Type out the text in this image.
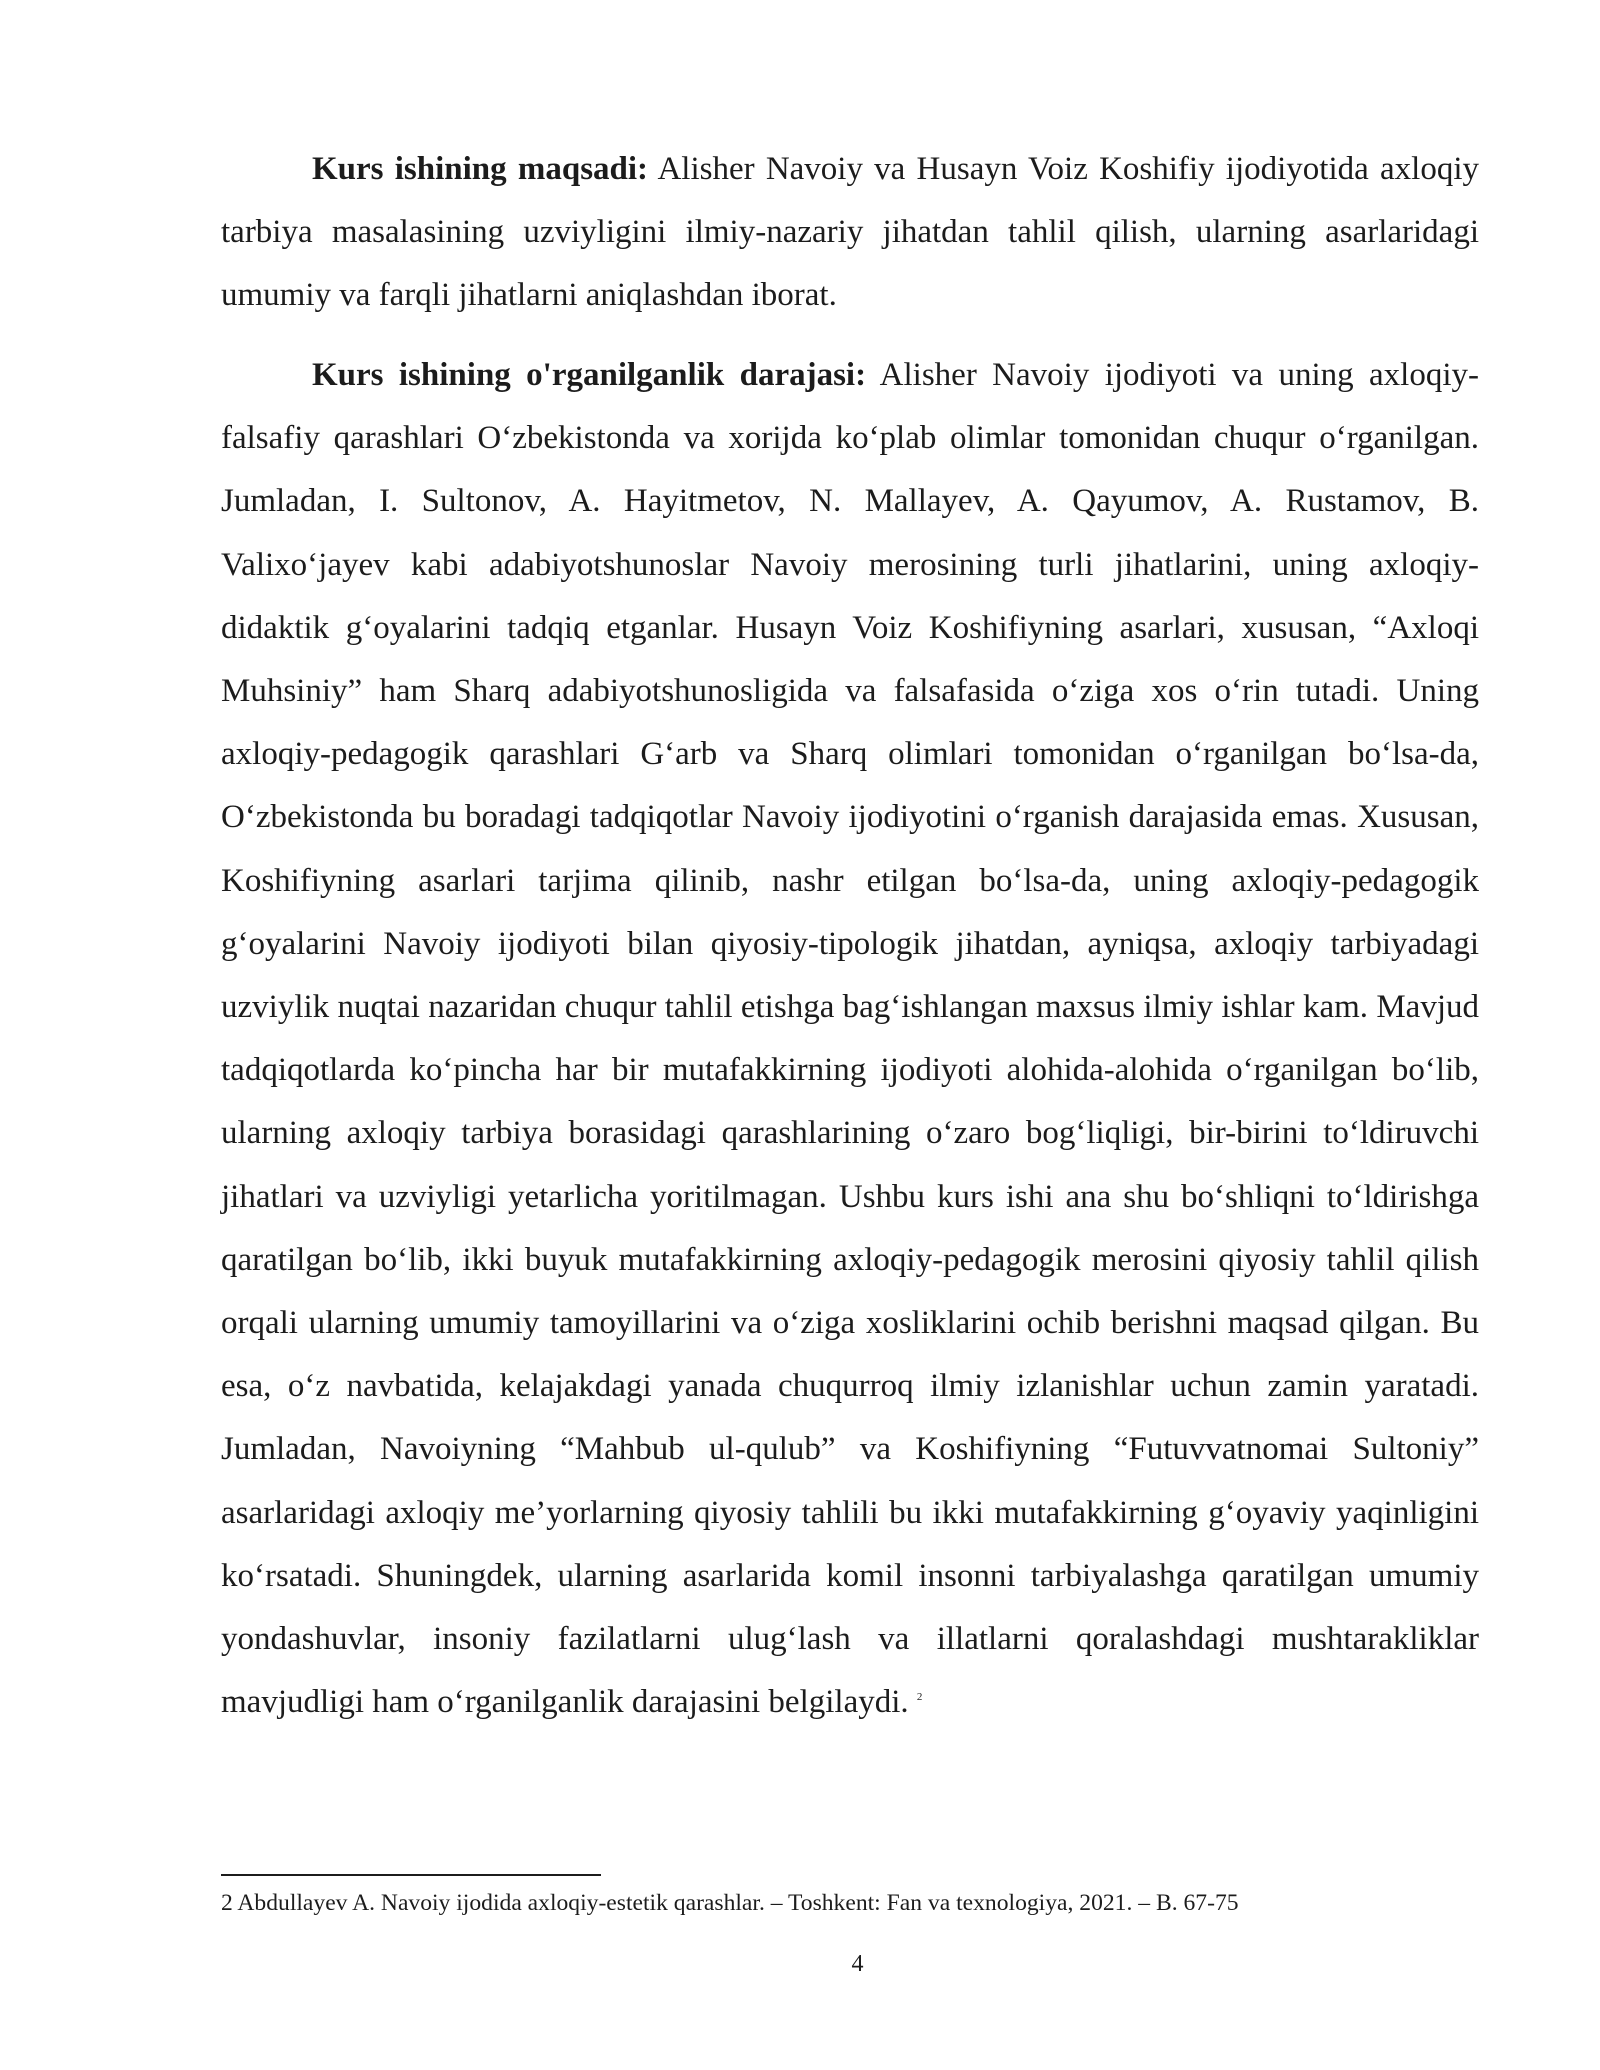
Kurs ishining maqsadi: Alisher Navoiy va Husayn Voiz Koshifiy ijodiyotida axloqiy tarbiya masalasining uzviyligini ilmiy-nazariy jihatdan tahlil qilish, ularning asarlaridagi umumiy va farqli jihatlarni aniqlashdan iborat.

Kurs ishining o'rganilganlik darajasi: Alisher Navoiy ijodiyoti va uning axloqiy-falsafiy qarashlari O‘zbekistonda va xorijda ko‘plab olimlar tomonidan chuqur o‘rganilgan. Jumladan, I. Sultonov, A. Hayitmetov, N. Mallayev, A. Qayumov, A. Rustamov, B. Valixo‘jayev kabi adabiyotshunoslar Navoiy merosining turli jihatlarini, uning axloqiy-didaktik g‘oyalarini tadqiq etganlar. Husayn Voiz Koshifiyning asarlari, xususan, “Axloqi Muhsiniy” ham Sharq adabiyotshunosligida va falsafasida o‘ziga xos o‘rin tutadi. Uning axloqiy-pedagogik qarashlari G‘arb va Sharq olimlari tomonidan o‘rganilgan bo‘lsa-da, O‘zbekistonda bu boradagi tadqiqotlar Navoiy ijodiyotini o‘rganish darajasida emas. Xususan, Koshifiyning asarlari tarjima qilinib, nashr etilgan bo‘lsa-da, uning axloqiy-pedagogik g‘oyalarini Navoiy ijodiyoti bilan qiyosiy-tipologik jihatdan, ayniqsa, axloqiy tarbiyadagi uzviylik nuqtai nazaridan chuqur tahlil etishga bag‘ishlangan maxsus ilmiy ishlar kam. Mavjud tadqiqotlarda ko‘pincha har bir mutafakkirning ijodiyoti alohida-alohida o‘rganilgan bo‘lib, ularning axloqiy tarbiya borasidagi qarashlarining o‘zaro bog‘liqligi, bir-birini to‘ldiruvchi jihatlari va uzviyligi yetarlicha yoritilmagan. Ushbu kurs ishi ana shu bo‘shliqni to‘ldirishga qaratilgan bo‘lib, ikki buyuk mutafakkirning axloqiy-pedagogik merosini qiyosiy tahlil qilish orqali ularning umumiy tamoyillarini va o‘ziga xosliklarini ochib berishni maqsad qilgan. Bu esa, o‘z navbatida, kelajakdagi yanada chuqurroq ilmiy izlanishlar uchun zamin yaratadi. Jumladan, Navoiyning “Mahbub ul-qulub” va Koshifiyning “Futuvvatnomai Sultoniy” asarlaridagi axloqiy me’yorlarning qiyosiy tahlili bu ikki mutafakkirning g‘oyaviy yaqinligini ko‘rsatadi. Shuningdek, ularning asarlarida komil insonni tarbiyalashga qaratilgan umumiy yondashuvlar, insoniy fazilatlarni ulug‘lash va illatlarni qoralashdagi mushtarakliklar mavjudligi ham o‘rganilganlik darajasini belgilaydi. $^2$

2 Abdullayev A. Navoiy ijodida axloqiy-estetik qarashlar. – Toshkent: Fan va texnologiya, 2021. – B. 67-75

4
